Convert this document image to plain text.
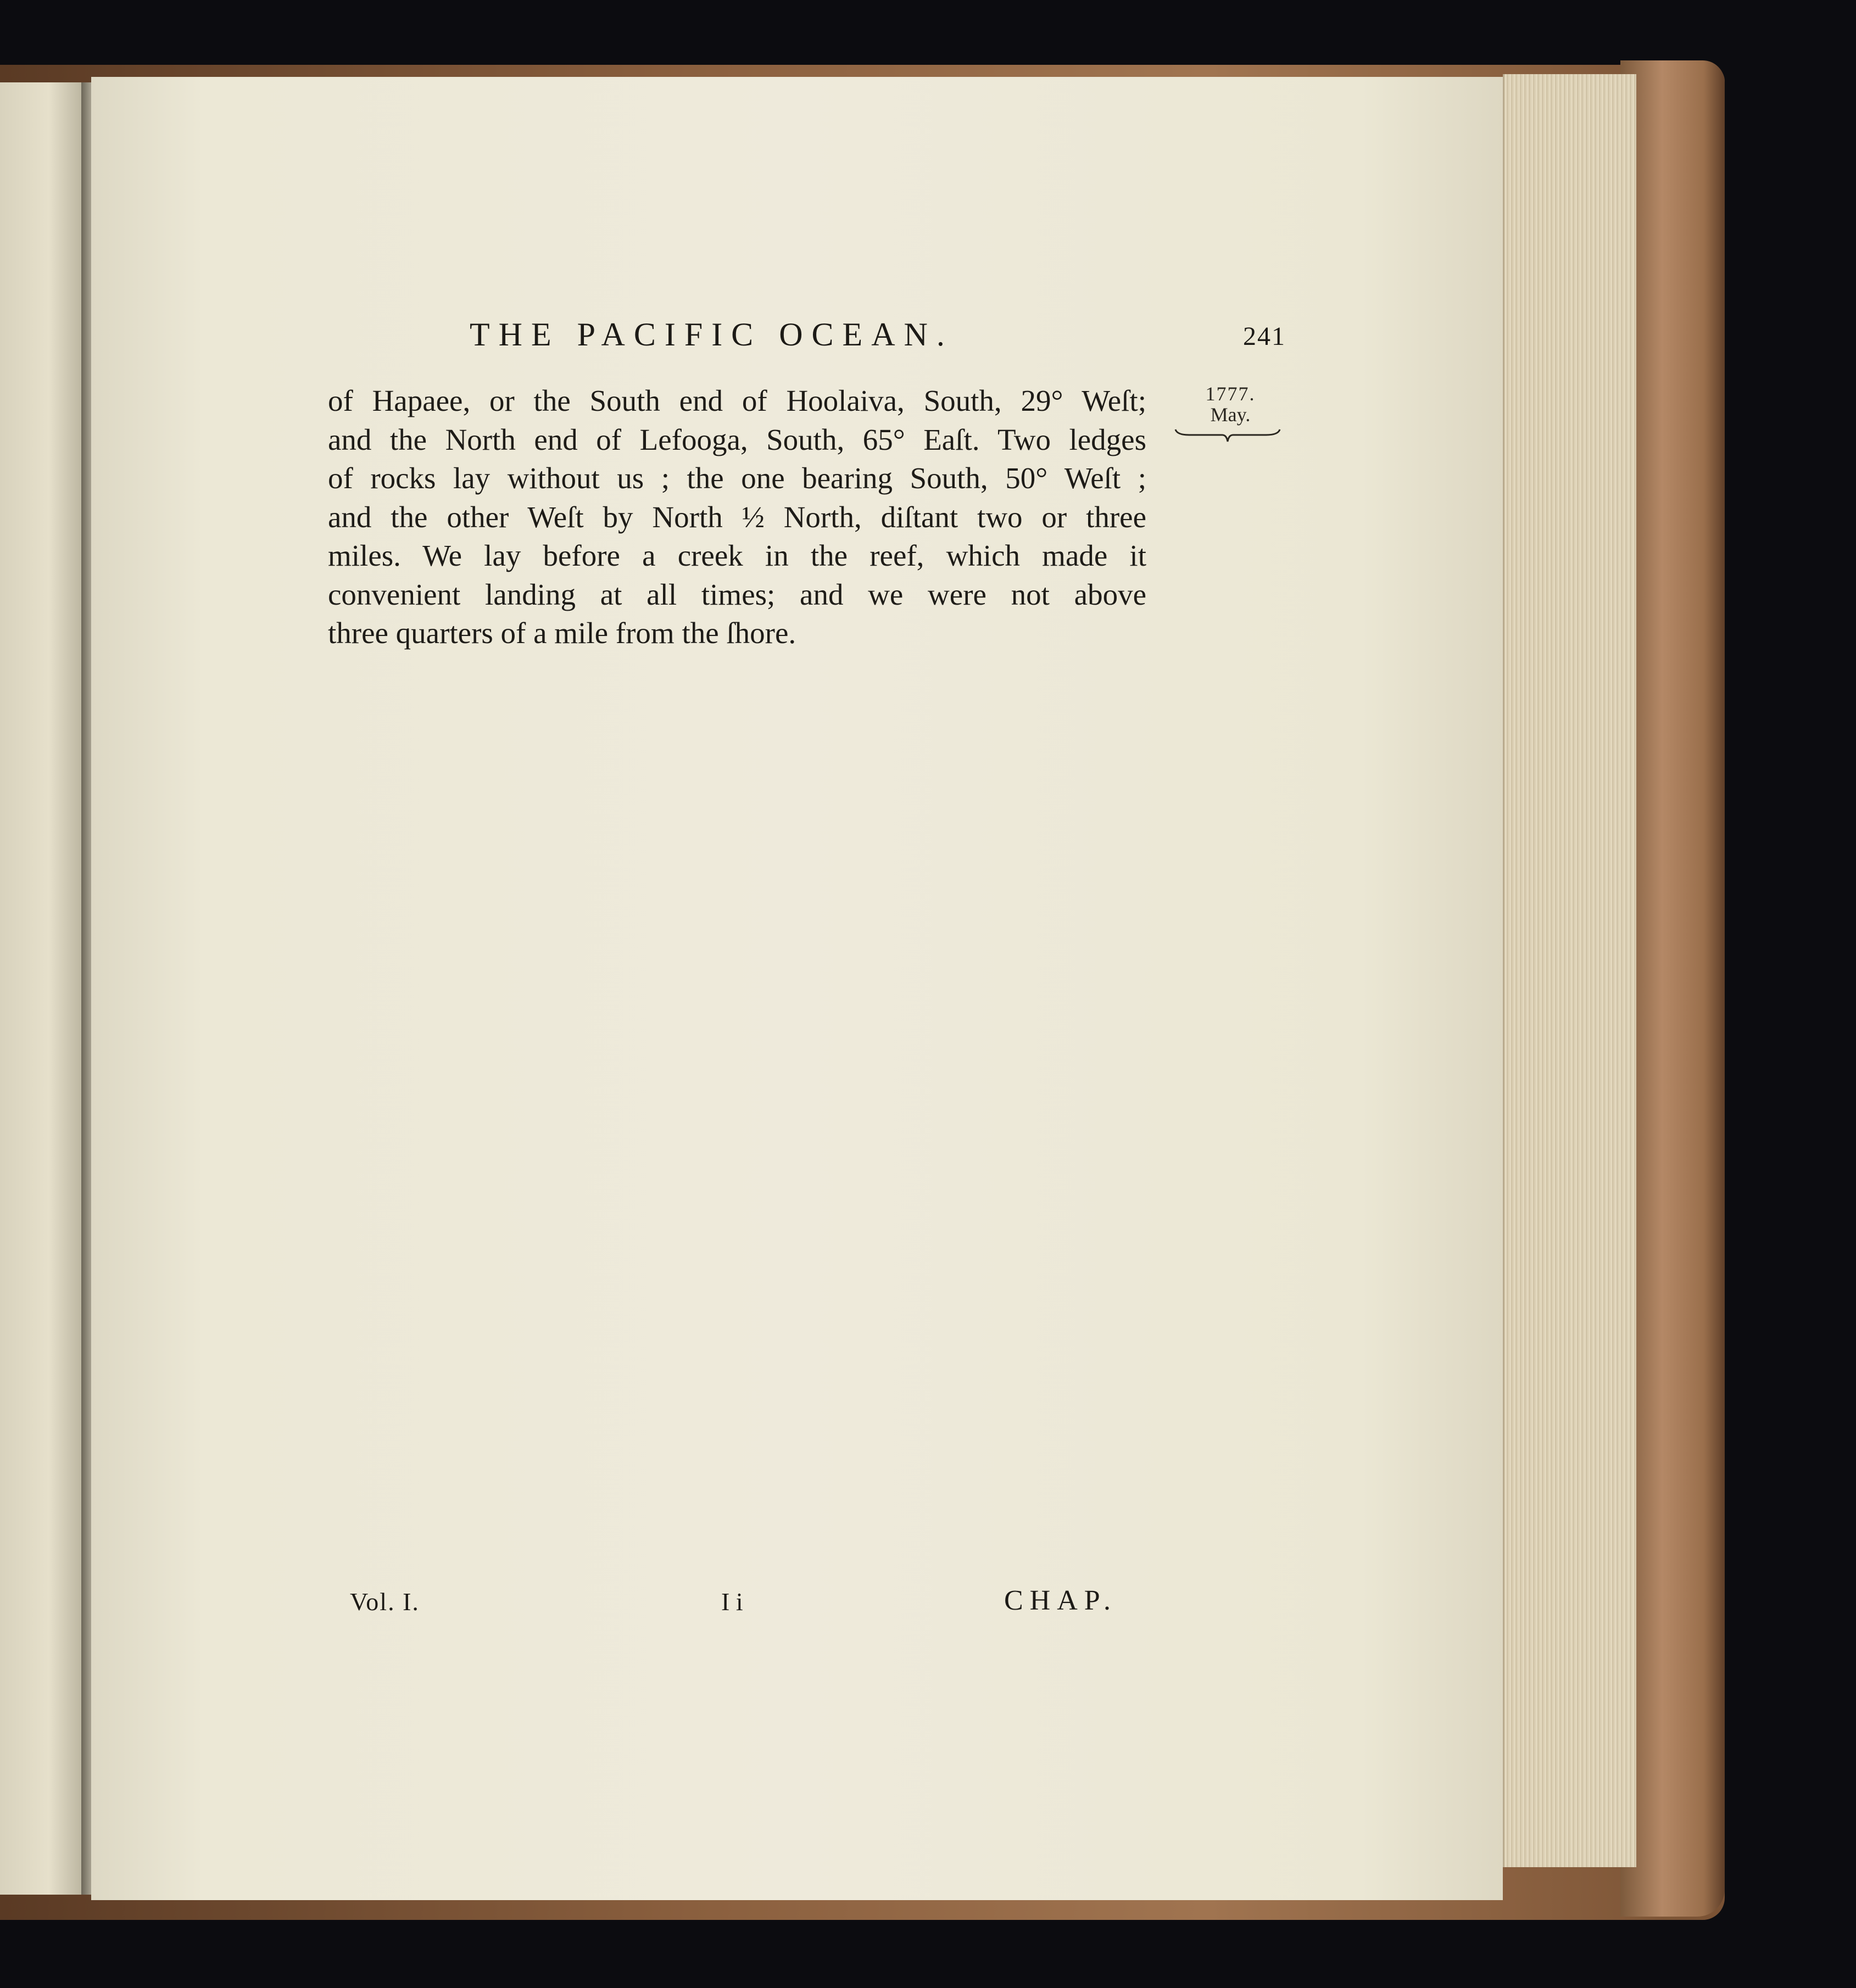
THE PACIFIC OCEAN.	241
1777.
May.
of Hapaee, or the South end of Hoolaiva, South, 29° Weſt;
and the North end of Lefooga, South, 65° Eaſt. Two ledges
of rocks lay without us ; the one bearing South, 50° Weſt ;
and the other Weſt by North ½ North, diſtant two or three
miles. We lay before a creek in the reef, which made it
convenient landing at all times; and we were not above
three quarters of a mile from the ſhore.
Vol. I.	I i	CHAP.
